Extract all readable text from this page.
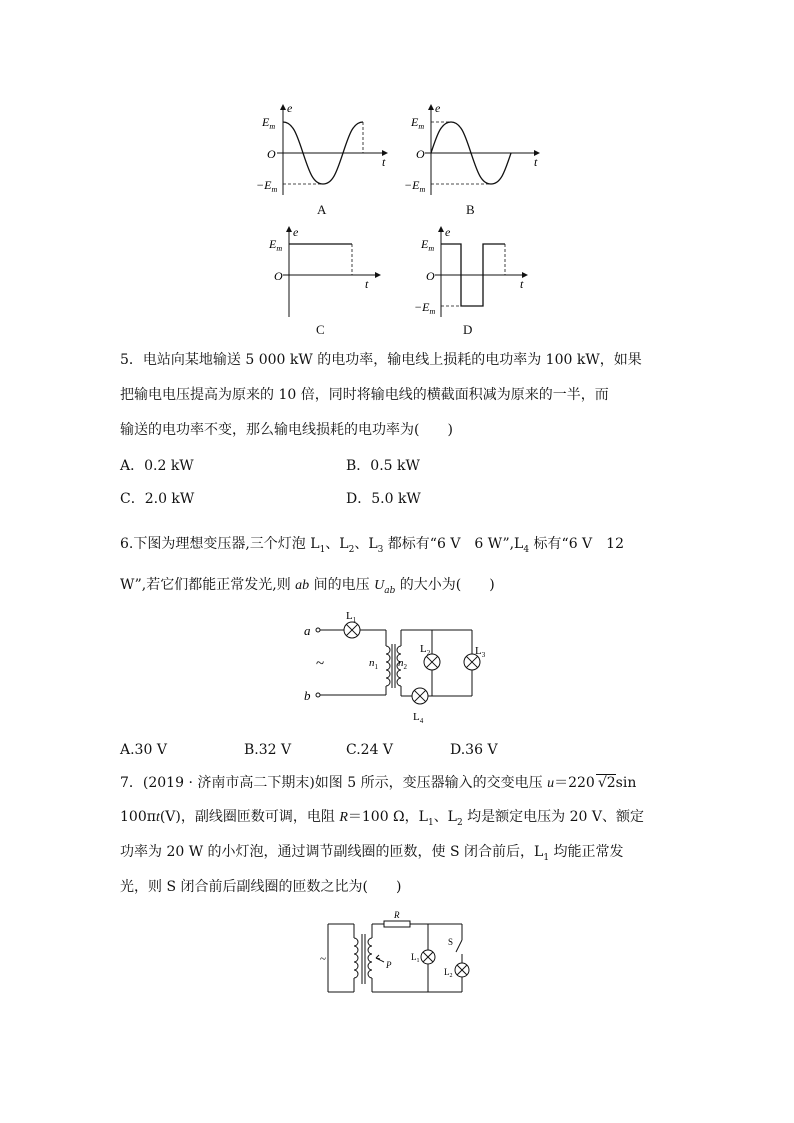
e
t
O
$E_m$
$-E_m$
A
e
t
O
$E_m$
$-E_m$
B
e
t
O
$E_m$
C
e
t
O
$E_m$
$-E_m$
D
5．电站向某地输送 5 000 kW 的电功率，输电线上损耗的电功率为 100 kW，如果
把输电电压提高为原来的 10 倍，同时将输电线的横截面积减为原来的一半，而
输送的电功率不变，那么输电线损耗的电功率为(　　)
A．0.2 kW	B．0.5 kW
C．2.0 kW	D．5.0 kW
6.下图为理想变压器,三个灯泡 $L_1$、$L_2$、$L_3$ 都标有“6 V　6 $W”,L_4$ 标有“6 V　12
W”,若它们都能正常发光,则 ab 间的电压 $U_{ab}$ 的大小为(　　)
a
b
~
$L_1$
$n_1$ $n_2$
$L_2$	$L_3$
$L_4$
A.30 V	B.32 V	C.24 V	D.36 V
7．(2019 · 济南市高二下期末)如图 5 所示，变压器输入的交变电压 u＝220 √2sin
100πt(V)，副线圈匝数可调，电阻 R＝100 Ω，$L_1$、$L_2$ 均是额定电压为 20 V、额定
功率为 20 W 的小灯泡，通过调节副线圈的匝数，使 S 闭合前后，$L_1$ 均能正常发
光，则 S 闭合前后副线圈的匝数之比为(　　)
~
R
S
P
$L_1$
$L_2$
